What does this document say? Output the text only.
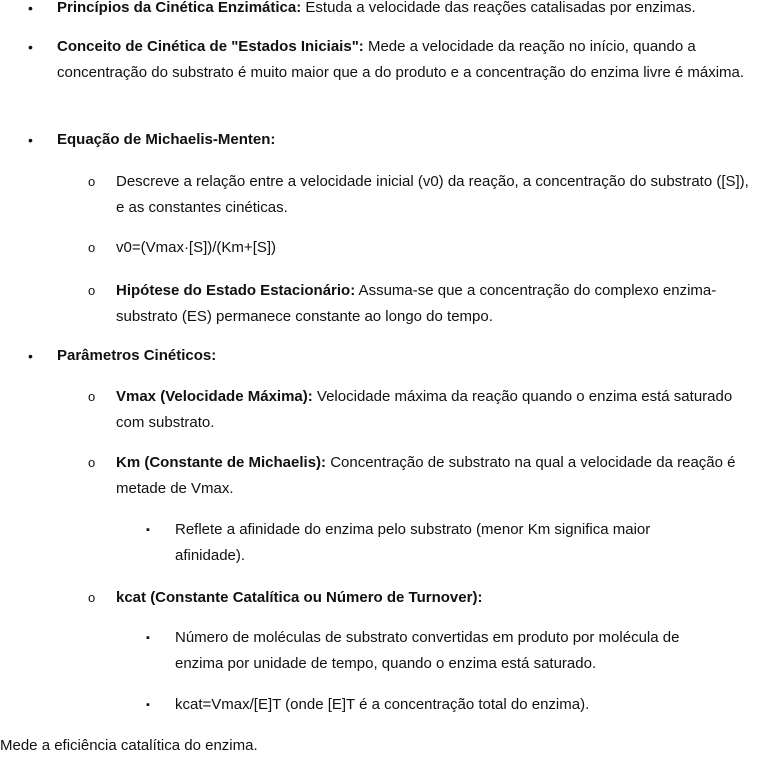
• Princípios da Cinética Enzimática: Estuda a velocidade das reações catalisadas por enzimas.
• Conceito de Cinética de "Estados Iniciais": Mede a velocidade da reação no início, quando a concentração do substrato é muito maior que a do produto e a concentração do enzima livre é máxima.
• Equação de Michaelis-Menten:
o Descreve a relação entre a velocidade inicial (v0) da reação, a concentração do substrato ([S]), e as constantes cinéticas.
o v0=(Vmax·[S])/(Km+[S])
o Hipótese do Estado Estacionário: Assuma-se que a concentração do complexo enzima-substrato (ES) permanece constante ao longo do tempo.
• Parâmetros Cinéticos:
o Vmax (Velocidade Máxima): Velocidade máxima da reação quando o enzima está saturado com substrato.
o Km (Constante de Michaelis): Concentração de substrato na qual a velocidade da reação é metade de Vmax.
▪ Reflete a afinidade do enzima pelo substrato (menor Km significa maior afinidade).
o kcat (Constante Catalítica ou Número de Turnover):
▪ Número de moléculas de substrato convertidas em produto por molécula de enzima por unidade de tempo, quando o enzima está saturado.
▪ kcat=Vmax/[E]T (onde [E]T é a concentração total do enzima).
Mede a eficiência catalítica do enzima.
